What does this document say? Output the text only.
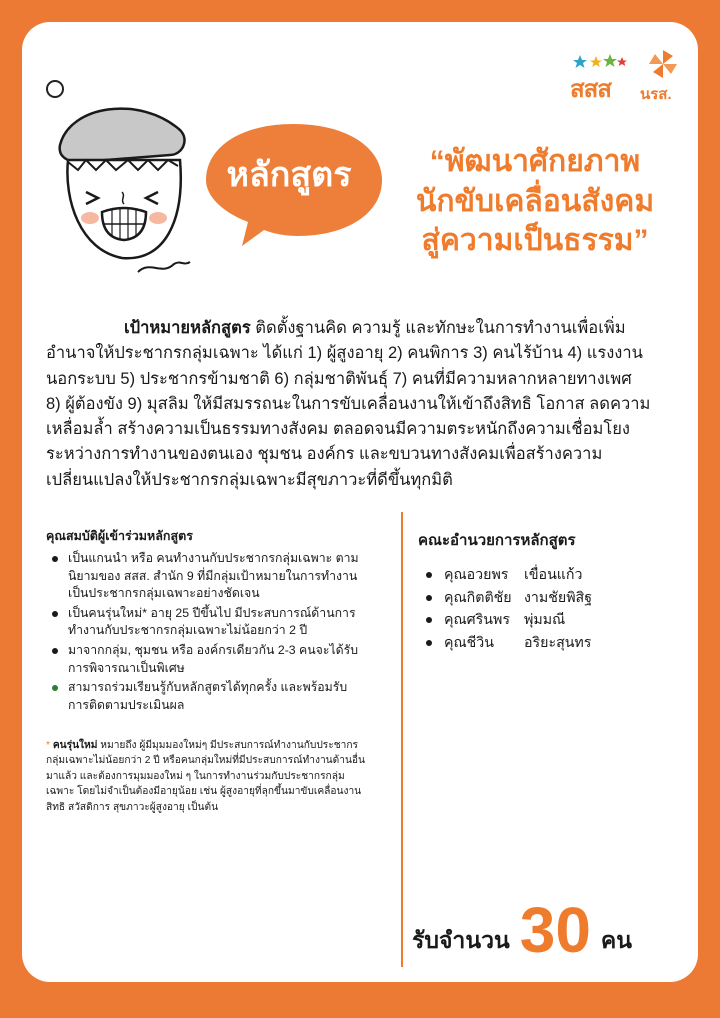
สสส นรส.
หลักสูตร	“พัฒนาศักยภาพ
นักขับเคลื่อนสังคม
สู่ความเป็นธรรม”
เป้าหมายหลักสูตร ติดตั้งฐานคิด ความรู้ และทักษะในการทำงานเพื่อเพิ่ม
อำนาจให้ประชากรกลุ่มเฉพาะ ได้แก่ 1) ผู้สูงอายุ 2) คนพิการ 3) คนไร้บ้าน 4) แรงงาน
นอกระบบ 5) ประชากรข้ามชาติ 6) กลุ่มชาติพันธุ์ 7) คนที่มีความหลากหลายทางเพศ
8) ผู้ต้องขัง 9) มุสลิม ให้มีสมรรถนะในการขับเคลื่อนงานให้เข้าถึงสิทธิ โอกาส ลดความ
เหลื่อมล้ำ สร้างความเป็นธรรมทางสังคม ตลอดจนมีความตระหนักถึงความเชื่อมโยง
ระหว่างการทำงานของตนเอง ชุมชน องค์กร และขบวนทางสังคมเพื่อสร้างความ
เปลี่ยนแปลงให้ประชากรกลุ่มเฉพาะมีสุขภาวะที่ดีขึ้นทุกมิติ
คุณสมบัติผู้เข้าร่วมหลักสูตร
เป็นแกนนำ หรือ คนทำงานกับประชากรกลุ่มเฉพาะ ตาม
นิยามของ สสส. สำนัก 9 ที่มีกลุ่มเป้าหมายในการทำงาน
เป็นประชากรกลุ่มเฉพาะอย่างชัดเจน
เป็นคนรุ่นใหม่* อายุ 25 ปีขึ้นไป มีประสบการณ์ด้านการ
ทำงานกับประชากรกลุ่มเฉพาะไม่น้อยกว่า 2 ปี
มาจากกลุ่ม, ชุมชน หรือ องค์กรเดียวกัน 2-3 คนจะได้รับ
การพิจารณาเป็นพิเศษ
สามารถร่วมเรียนรู้กับหลักสูตรได้ทุกครั้ง และพร้อมรับ
การติดตามประเมินผล
* คนรุ่นใหม่ หมายถึง ผู้มีมุมมองใหม่ๆ มีประสบการณ์ทำงานกับประชากร
กลุ่มเฉพาะไม่น้อยกว่า 2 ปี หรือคนกลุ่มใหม่ที่มีประสบการณ์ทำงานด้านอื่น
มาแล้ว และต้องการมุมมองใหม่ ๆ ในการทำงานร่วมกับประชากรกลุ่ม
เฉพาะ โดยไม่จำเป็นต้องมีอายุน้อย เช่น ผู้สูงอายุที่ลุกขึ้นมาขับเคลื่อนงาน
สิทธิ สวัสดิการ สุขภาวะผู้สูงอายุ เป็นต้น
คณะอำนวยการหลักสูตร
คุณอวยพร เขื่อนแก้ว
คุณกิตติชัย งามชัยพิสิฐ
คุณศรินพร พุ่มมณี
คุณชีวิน อริยะสุนทร
รับจำนวน 30 คน
